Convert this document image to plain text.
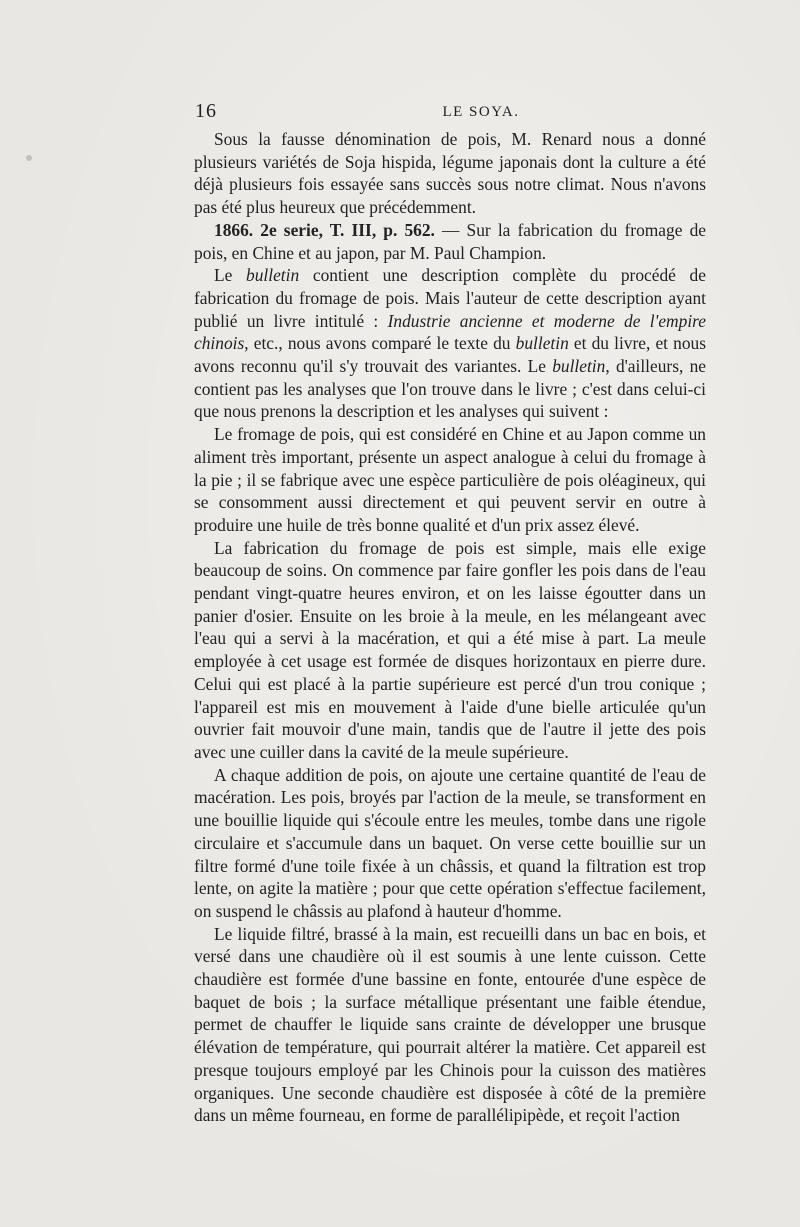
16	LE SOYA.

Sous la fausse dénomination de pois, M. Renard nous a donné plusieurs variétés de Soja hispida, légume japonais dont la culture a été déjà plusieurs fois essayée sans succès sous notre climat. Nous n'avons pas été plus heureux que précédemment.

1866. 2e serie, T. III, p. 562. — Sur la fabrication du fromage de pois, en Chine et au japon, par M. Paul Champion.

Le bulletin contient une description complète du procédé de fabrication du fromage de pois. Mais l'auteur de cette description ayant publié un livre intitulé : Industrie ancienne et moderne de l'empire chinois, etc., nous avons comparé le texte du bulletin et du livre, et nous avons reconnu qu'il s'y trouvait des variantes. Le bulletin, d'ailleurs, ne contient pas les analyses que l'on trouve dans le livre ; c'est dans celui-ci que nous prenons la description et les analyses qui suivent :

Le fromage de pois, qui est considéré en Chine et au Japon comme un aliment très important, présente un aspect analogue à celui du fromage à la pie ; il se fabrique avec une espèce particulière de pois oléagineux, qui se consomment aussi directement et qui peuvent servir en outre à produire une huile de très bonne qualité et d'un prix assez élevé.

La fabrication du fromage de pois est simple, mais elle exige beaucoup de soins. On commence par faire gonfler les pois dans de l'eau pendant vingt-quatre heures environ, et on les laisse égoutter dans un panier d'osier. Ensuite on les broie à la meule, en les mélangeant avec l'eau qui a servi à la macération, et qui a été mise à part. La meule employée à cet usage est formée de disques horizontaux en pierre dure. Celui qui est placé à la partie supérieure est percé d'un trou conique ; l'appareil est mis en mouvement à l'aide d'une bielle articulée qu'un ouvrier fait mouvoir d'une main, tandis que de l'autre il jette des pois avec une cuiller dans la cavité de la meule supérieure.

A chaque addition de pois, on ajoute une certaine quantité de l'eau de macération. Les pois, broyés par l'action de la meule, se transforment en une bouillie liquide qui s'écoule entre les meules, tombe dans une rigole circulaire et s'accumule dans un baquet. On verse cette bouillie sur un filtre formé d'une toile fixée à un châssis, et quand la filtration est trop lente, on agite la matière ; pour que cette opération s'effectue facilement, on suspend le châssis au plafond à hauteur d'homme.

Le liquide filtré, brassé à la main, est recueilli dans un bac en bois, et versé dans une chaudière où il est soumis à une lente cuisson. Cette chaudière est formée d'une bassine en fonte, entourée d'une espèce de baquet de bois ; la surface métallique présentant une faible étendue, permet de chauffer le liquide sans crainte de développer une brusque élévation de température, qui pourrait altérer la matière. Cet appareil est presque toujours employé par les Chinois pour la cuisson des matières organiques. Une seconde chaudière est disposée à côté de la première dans un même fourneau, en forme de parallélipipède, et reçoit l'action
